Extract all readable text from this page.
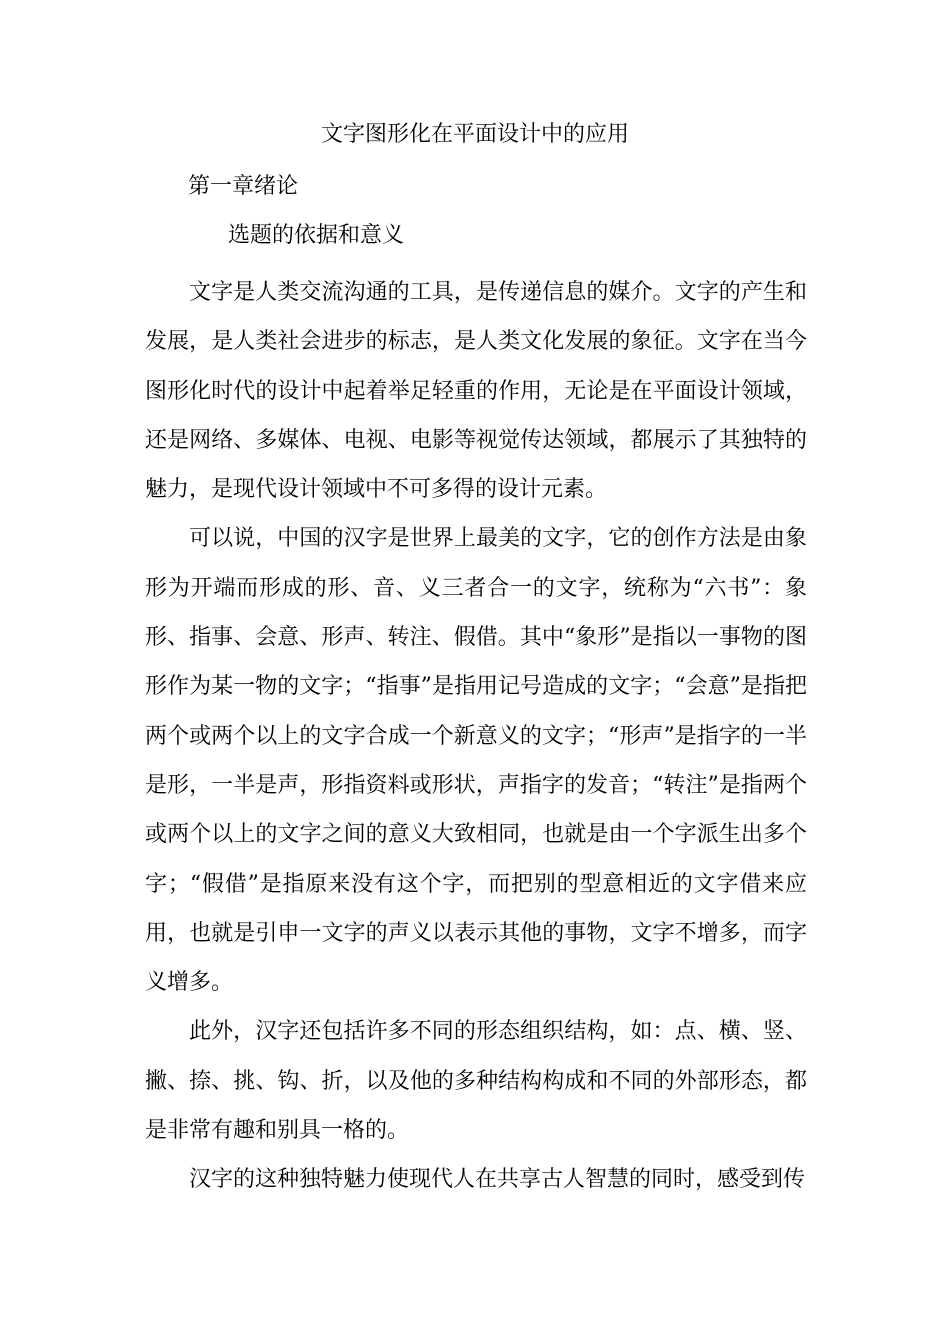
文字图形化在平面设计中的应用
第一章绪论
选题的依据和意义

文字是人类交流沟通的工具，是传递信息的媒介。文字的产生和发展，是人类社会进步的标志，是人类文化发展的象征。文字在当今图形化时代的设计中起着举足轻重的作用，无论是在平面设计领域，还是网络、多媒体、电视、电影等视觉传达领域，都展示了其独特的魅力，是现代设计领域中不可多得的设计元素。

可以说，中国的汉字是世界上最美的文字，它的创作方法是由象形为开端而形成的形、音、义三者合一的文字，统称为“六书”：象形、指事、会意、形声、转注、假借。其中“象形”是指以一事物的图形作为某一物的文字；“指事”是指用记号造成的文字；“会意”是指把两个或两个以上的文字合成一个新意义的文字；“形声”是指字的一半是形，一半是声，形指资料或形状，声指字的发音；“转注”是指两个或两个以上的文字之间的意义大致相同，也就是由一个字派生出多个字；“假借”是指原来没有这个字，而把别的型意相近的文字借来应用，也就是引申一文字的声义以表示其他的事物，文字不增多，而字义增多。

此外，汉字还包括许多不同的形态组织结构，如：点、横、竖、撇、捺、挑、钩、折，以及他的多种结构构成和不同的外部形态，都是非常有趣和别具一格的。

汉字的这种独特魅力使现代人在共享古人智慧的同时，感受到传
